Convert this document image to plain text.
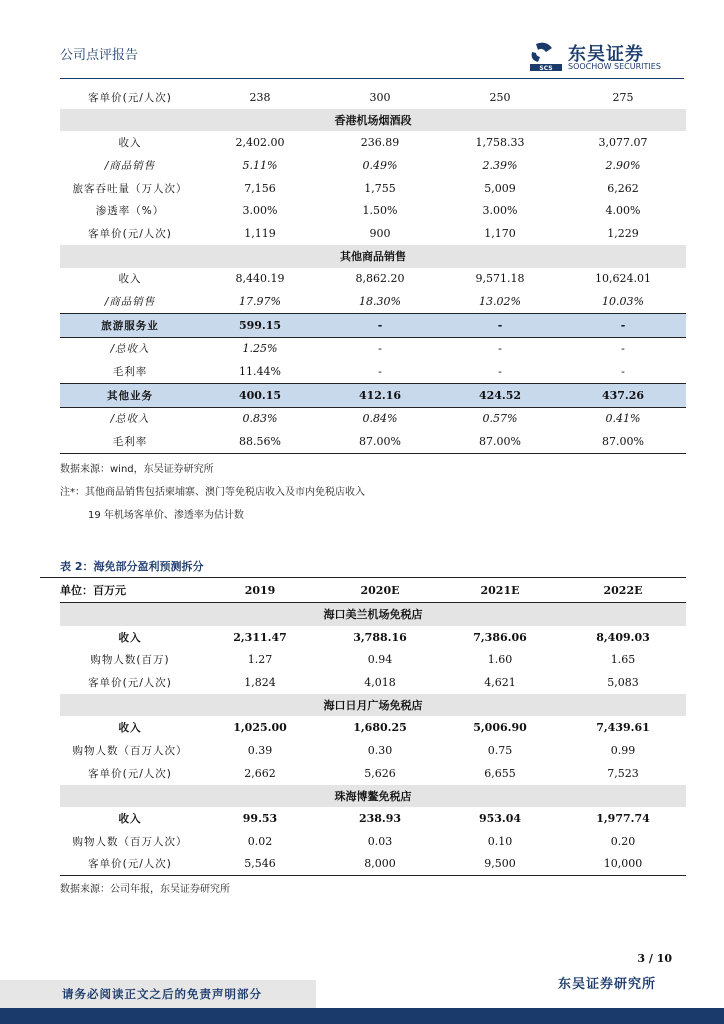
公司点评报告
SCS
东吴证券
SOOCHOW SECURITIES
客单价(元/人次)	238	300	250	275
香港机场烟酒段				
收入	2,402.00	236.89	1,758.33	3,077.07
/商品销售	5.11%	0.49%	2.39%	2.90%
旅客吞吐量（万人次）	7,156	1,755	5,009	6,262
渗透率（%）	3.00%	1.50%	3.00%	4.00%
客单价(元/人次)	1,119	900	1,170	1,229
其他商品销售				
收入	8,440.19	8,862.20	9,571.18	10,624.01
/商品销售	17.97%	18.30%	13.02%	10.03%
旅游服务业	599.15	-	-	-
/总收入	1.25%	-	-	-
毛利率	11.44%	-	-	-
其他业务	400.15	412.16	424.52	437.26
/总收入	0.83%	0.84%	0.57%	0.41%
毛利率	88.56%	87.00%	87.00%	87.00%
数据来源：wind，东吴证券研究所
注*：其他商品销售包括柬埔寨、澳门等免税店收入及市内免税店收入
19 年机场客单价、渗透率为估计数
表 2：海免部分盈利预测拆分
单位：百万元	2019	2020E	2021E	2022E
海口美兰机场免税店				
收入	2,311.47	3,788.16	7,386.06	8,409.03
购物人数(百万)	1.27	0.94	1.60	1.65
客单价(元/人次)	1,824	4,018	4,621	5,083
海口日月广场免税店				
收入	1,025.00	1,680.25	5,006.90	7,439.61
购物人数（百万人次）	0.39	0.30	0.75	0.99
客单价(元/人次)	2,662	5,626	6,655	7,523
珠海博鳌免税店				
收入	99.53	238.93	953.04	1,977.74
购物人数（百万人次）	0.02	0.03	0.10	0.20
客单价(元/人次)	5,546	8,000	9,500	10,000
数据来源：公司年报，东吴证券研究所
3 / 10
东吴证券研究所
请务必阅读正文之后的免责声明部分
